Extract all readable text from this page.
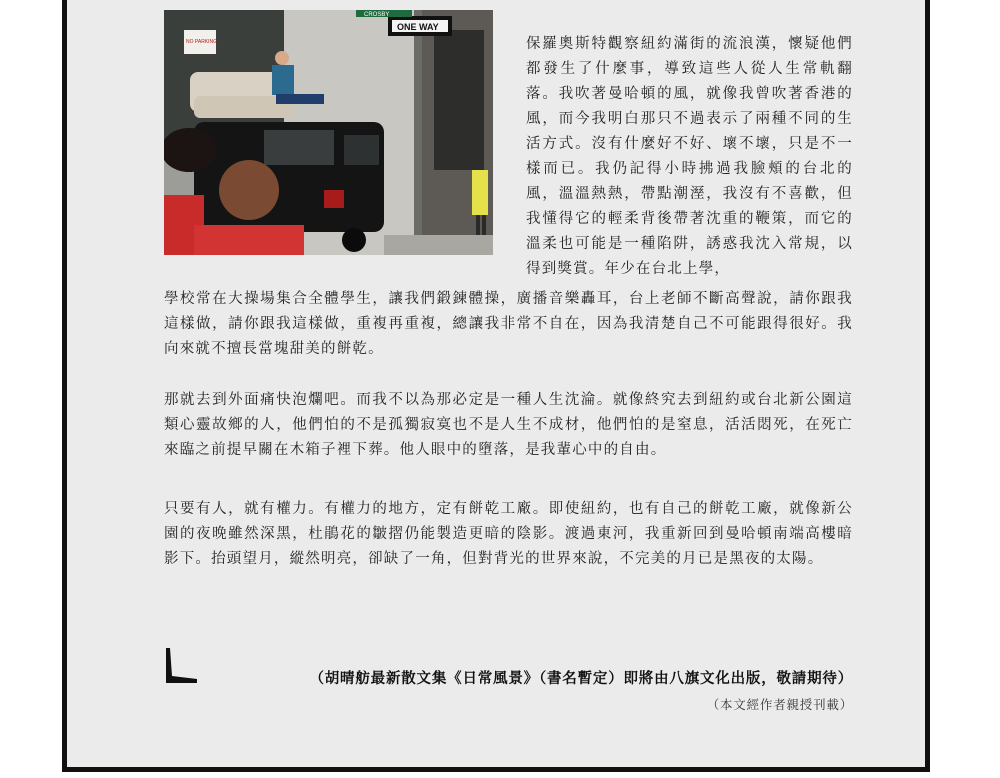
ONE WAY
CROSBY
NO PARKING	保羅奧斯特觀察紐約滿街的流浪漢，懷疑他們都發生了什麼事，導致這些人從人生常軌翻落。我吹著曼哈頓的風，就像我曾吹著香港的風，而今我明白那只不過表示了兩種不同的生活方式。沒有什麼好不好、壞不壞，只是不一樣而已。我仍記得小時拂過我臉頰的台北的風，溫溫熱熱，帶點潮溼，我沒有不喜歡，但我懂得它的輕柔背後帶著沈重的鞭策，而它的溫柔也可能是一種陷阱，誘惑我沈入常規，以得到獎賞。年少在台北上學，

學校常在大操場集合全體學生，讓我們鍛鍊體操，廣播音樂轟耳，台上老師不斷高聲說，請你跟我這樣做，請你跟我這樣做，重複再重複，總讓我非常不自在，因為我清楚自己不可能跟得很好。我向來就不擅長當塊甜美的餅乾。

那就去到外面痛快泡爛吧。而我不以為那必定是一種人生沈淪。就像終究去到紐約或台北新公園這類心靈故鄉的人，他們怕的不是孤獨寂寞也不是人生不成材，他們怕的是窒息，活活悶死，在死亡來臨之前提早關在木箱子裡下葬。他人眼中的墮落，是我輩心中的自由。

只要有人，就有權力。有權力的地方，定有餅乾工廠。即使紐約，也有自己的餅乾工廠，就像新公園的夜晚雖然深黑，杜鵑花的皺摺仍能製造更暗的陰影。渡過東河，我重新回到曼哈頓南端高樓暗影下。抬頭望月，縱然明亮，卻缺了一角，但對背光的世界來說，不完美的月已是黑夜的太陽。

（胡晴舫最新散文集《日常風景》（書名暫定）即將由八旗文化出版，敬請期待）
（本文經作者親授刊載）
